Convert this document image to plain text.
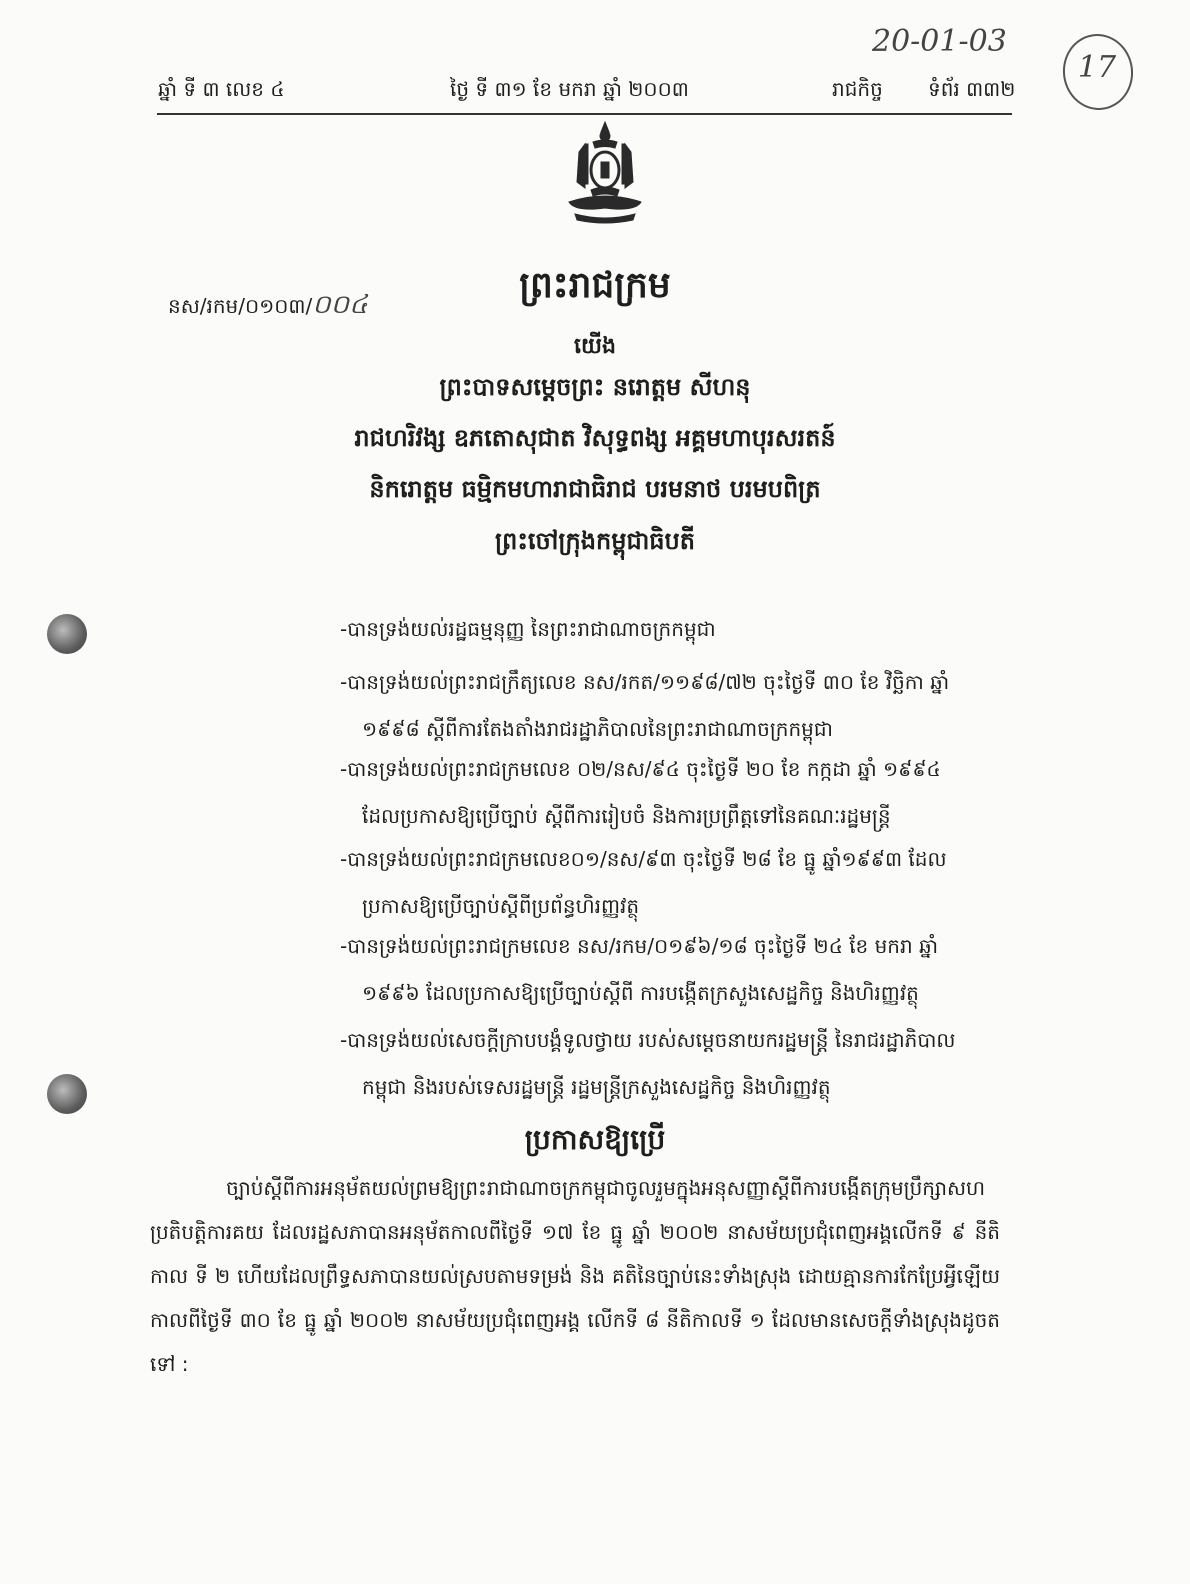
20-01-03
17
ឆ្នាំ ទី ៣ លេខ ៤	ថ្ងៃ ទី ៣១ ខែ មករា ឆ្នាំ ២០០៣	រាជកិច្ច ទំព័រ ៣៣២
នស/រកម/០១០៣/០០៤	ព្រះរាជក្រម
យើង
ព្រះបាទសម្តេចព្រះ នរោត្តម សីហនុ
រាជហរិវង្ស ឧភតោសុជាត វិសុទ្ធពង្ស អគ្គមហាបុរសរតន៍
និករោត្តម ធម្មិកមហារាជាធិរាជ បរមនាថ បរមបពិត្រ
ព្រះចៅក្រុងកម្ពុជាធិបតី
-បានទ្រង់យល់រដ្ឋធម្មនុញ្ញ នៃព្រះរាជាណាចក្រកម្ពុជា
-បានទ្រង់យល់ព្រះរាជក្រឹត្យលេខ នស/រកត/១១៩៨/៧២ ចុះថ្ងៃទី ៣០ ខែ វិច្ឆិកា ឆ្នាំ
១៩៩៨ ស្តីពីការតែងតាំងរាជរដ្ឋាភិបាលនៃព្រះរាជាណាចក្រកម្ពុជា
-បានទ្រង់យល់ព្រះរាជក្រមលេខ ០២/នស/៩៤ ចុះថ្ងៃទី ២០ ខែ កក្កដា ឆ្នាំ ១៩៩៤
ដែលប្រកាសឱ្យប្រើច្បាប់ ស្តីពីការរៀបចំ និងការប្រព្រឹត្តទៅនៃគណៈរដ្ឋមន្ត្រី
-បានទ្រង់យល់ព្រះរាជក្រមលេខ០១/នស/៩៣ ចុះថ្ងៃទី ២៨ ខែ ធ្នូ ឆ្នាំ១៩៩៣ ដែល
ប្រកាសឱ្យប្រើច្បាប់ស្តីពីប្រព័ន្ធហិរញ្ញវត្ថុ
-បានទ្រង់យល់ព្រះរាជក្រមលេខ នស/រកម/០១៩៦/១៨ ចុះថ្ងៃទី ២៤ ខែ មករា ឆ្នាំ
១៩៩៦ ដែលប្រកាសឱ្យប្រើច្បាប់ស្តីពី ការបង្កើតក្រសួងសេដ្ឋកិច្ច និងហិរញ្ញវត្ថុ
-បានទ្រង់យល់សេចក្តីក្រាបបង្គំទូលថ្វាយ របស់សម្តេចនាយករដ្ឋមន្ត្រី នៃរាជរដ្ឋាភិបាល
កម្ពុជា និងរបស់ទេសរដ្ឋមន្ត្រី រដ្ឋមន្ត្រីក្រសួងសេដ្ឋកិច្ច និងហិរញ្ញវត្ថុ
ប្រកាសឱ្យប្រើ
ច្បាប់ស្តីពីការអនុម័តយល់ព្រមឱ្យព្រះរាជាណាចក្រកម្ពុជាចូលរួមក្នុងអនុសញ្ញាស្តីពីការបង្កើតក្រុមប្រឹក្សាសហប្រតិបត្តិការគយ ដែលរដ្ឋសភាបានអនុម័តកាលពីថ្ងៃទី ១៧ ខែ ធ្នូ ឆ្នាំ ២០០២ នាសម័យប្រជុំពេញអង្គលើកទី ៩ នីតិកាល ទី ២ ហើយដែលព្រឹទ្ធសភាបានយល់ស្របតាមទម្រង់ និង គតិនៃច្បាប់នេះទាំងស្រុង ដោយគ្មានការកែប្រែអ្វីឡើយ កាលពីថ្ងៃទី ៣០ ខែ ធ្នូ ឆ្នាំ ២០០២ នាសម័យប្រជុំពេញអង្គ លើកទី ៨ នីតិកាលទី ១ ដែលមានសេចក្តីទាំងស្រុងដូចតទៅ :
